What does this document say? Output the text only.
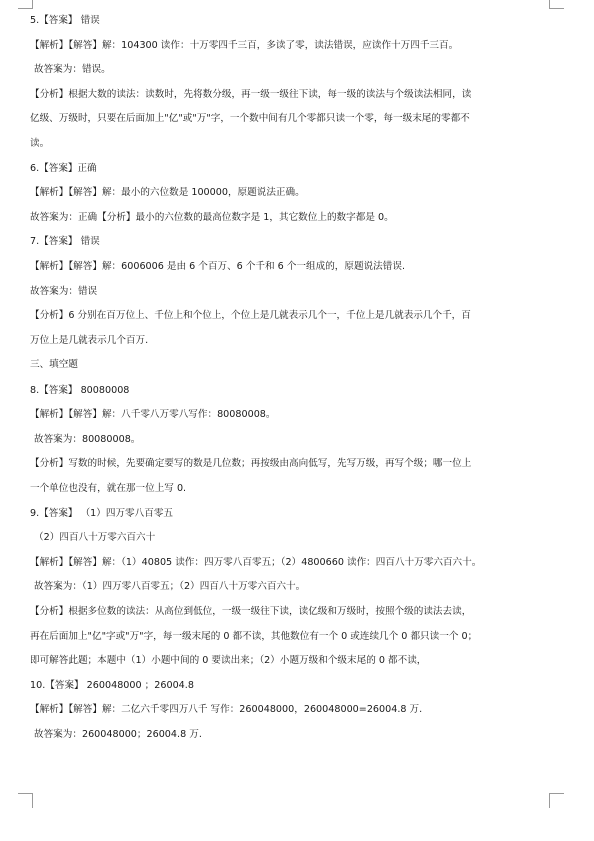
5.【答案】 错误
【解析】【解答】解：104300 读作：十万零四千三百，多读了零，读法错误，应读作十万四千三百。
故答案为：错误。
【分析】根据大数的读法：读数时，先将数分级，再一级一级往下读，每一级的读法与个级读法相同，读
亿级、万级时，只要在后面加上"亿"或"万"字，一个数中间有几个零都只读一个零，每一级末尾的零都不
读。
6.【答案】正确
【解析】【解答】解：最小的六位数是 100000，原题说法正确。
故答案为：正确【分析】最小的六位数的最高位数字是 1，其它数位上的数字都是 0。
7.【答案】 错误
【解析】【解答】解：6006006 是由 6 个百万、6 个千和 6 个一组成的，原题说法错误.
故答案为：错误
【分析】6 分别在百万位上、千位上和个位上，个位上是几就表示几个一，千位上是几就表示几个千，百
万位上是几就表示几个百万.
三、填空题
8.【答案】 80080008
【解析】【解答】解：八千零八万零八写作：80080008。
故答案为：80080008。
【分析】写数的时候，先要确定要写的数是几位数；再按级由高向低写，先写万级，再写个级；哪一位上
一个单位也没有，就在那一位上写 0.
9.【答案】 （1）四万零八百零五
（2）四百八十万零六百六十
【解析】【解答】解：（1）40805 读作：四万零八百零五；（2）4800660 读作：四百八十万零六百六十。
故答案为：（1）四万零八百零五；（2）四百八十万零六百六十。
【分析】根据多位数的读法：从高位到低位，一级一级往下读，读亿级和万级时，按照个级的读法去读，
再在后面加上"亿"字或"万"字，每一级末尾的 0 都不读，其他数位有一个 0 或连续几个 0 都只读一个 0；
即可解答此题；本题中（1）小题中间的 0 要读出来；（2）小题万级和个级末尾的 0 都不读，
10.【答案】 260048000 ；26004.8
【解析】【解答】解：二亿六千零四万八千 写作：260048000，260048000=26004.8 万.
故答案为：260048000；26004.8 万.
